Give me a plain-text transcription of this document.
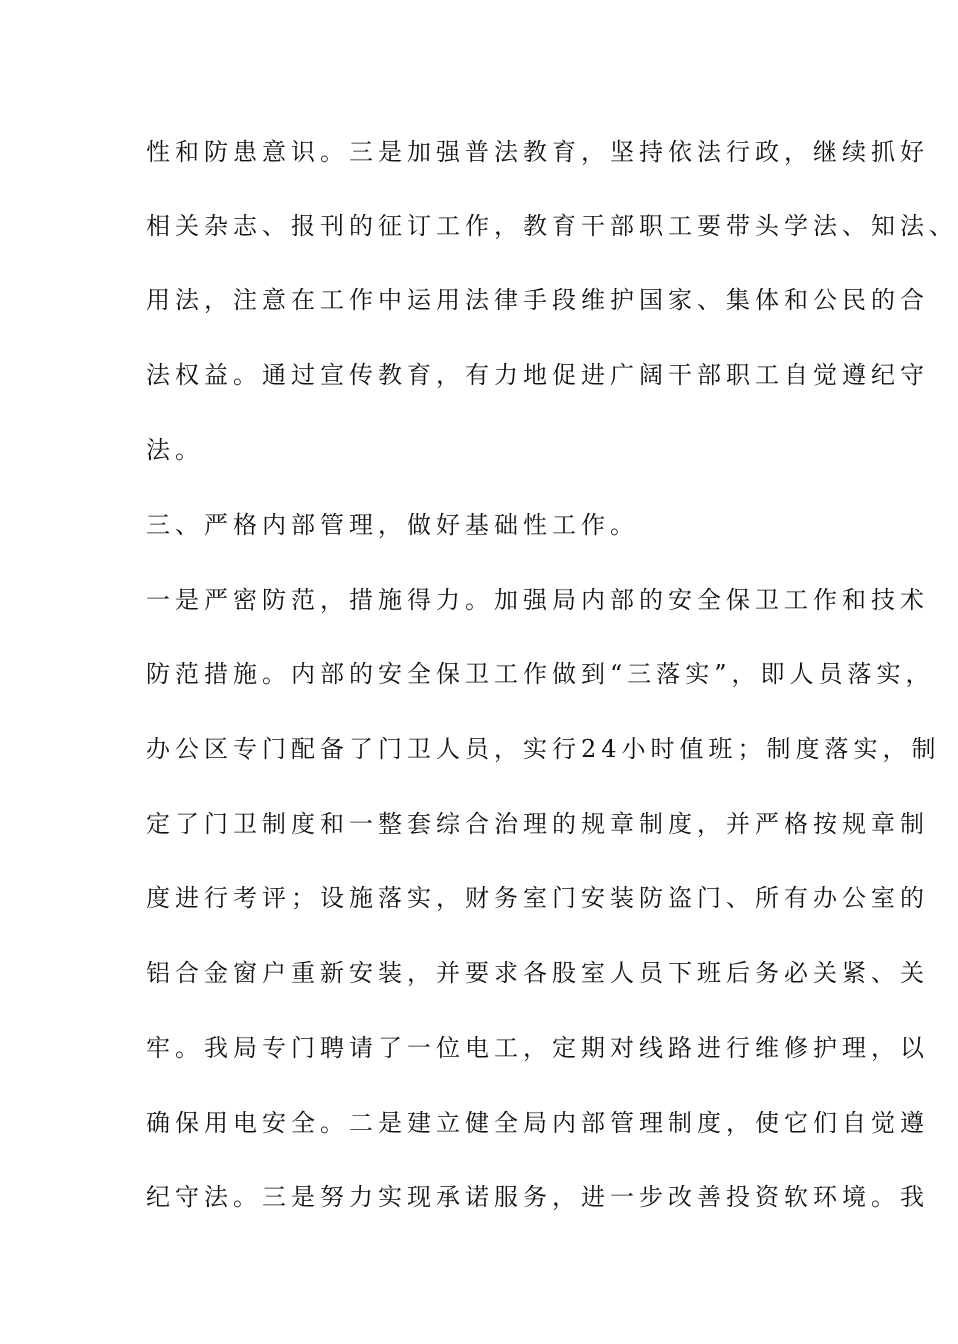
性和防患意识。三是加强普法教育，坚持依法行政，继续抓好
相关杂志、报刊的征订工作，教育干部职工要带头学法、知法、
用法，注意在工作中运用法律手段维护国家、集体和公民的合
法权益。通过宣传教育，有力地促进广阔干部职工自觉遵纪守
法。
三、严格内部管理，做好基础性工作。
一是严密防范，措施得力。加强局内部的安全保卫工作和技术
防范措施。内部的安全保卫工作做到“三落实”，即人员落实，
办公区专门配备了门卫人员，实行24小时值班；制度落实，制
定了门卫制度和一整套综合治理的规章制度，并严格按规章制
度进行考评；设施落实，财务室门安装防盗门、所有办公室的
铝合金窗户重新安装，并要求各股室人员下班后务必关紧、关
牢。我局专门聘请了一位电工，定期对线路进行维修护理，以
确保用电安全。二是建立健全局内部管理制度，使它们自觉遵
纪守法。三是努力实现承诺服务，进一步改善投资软环境。我
